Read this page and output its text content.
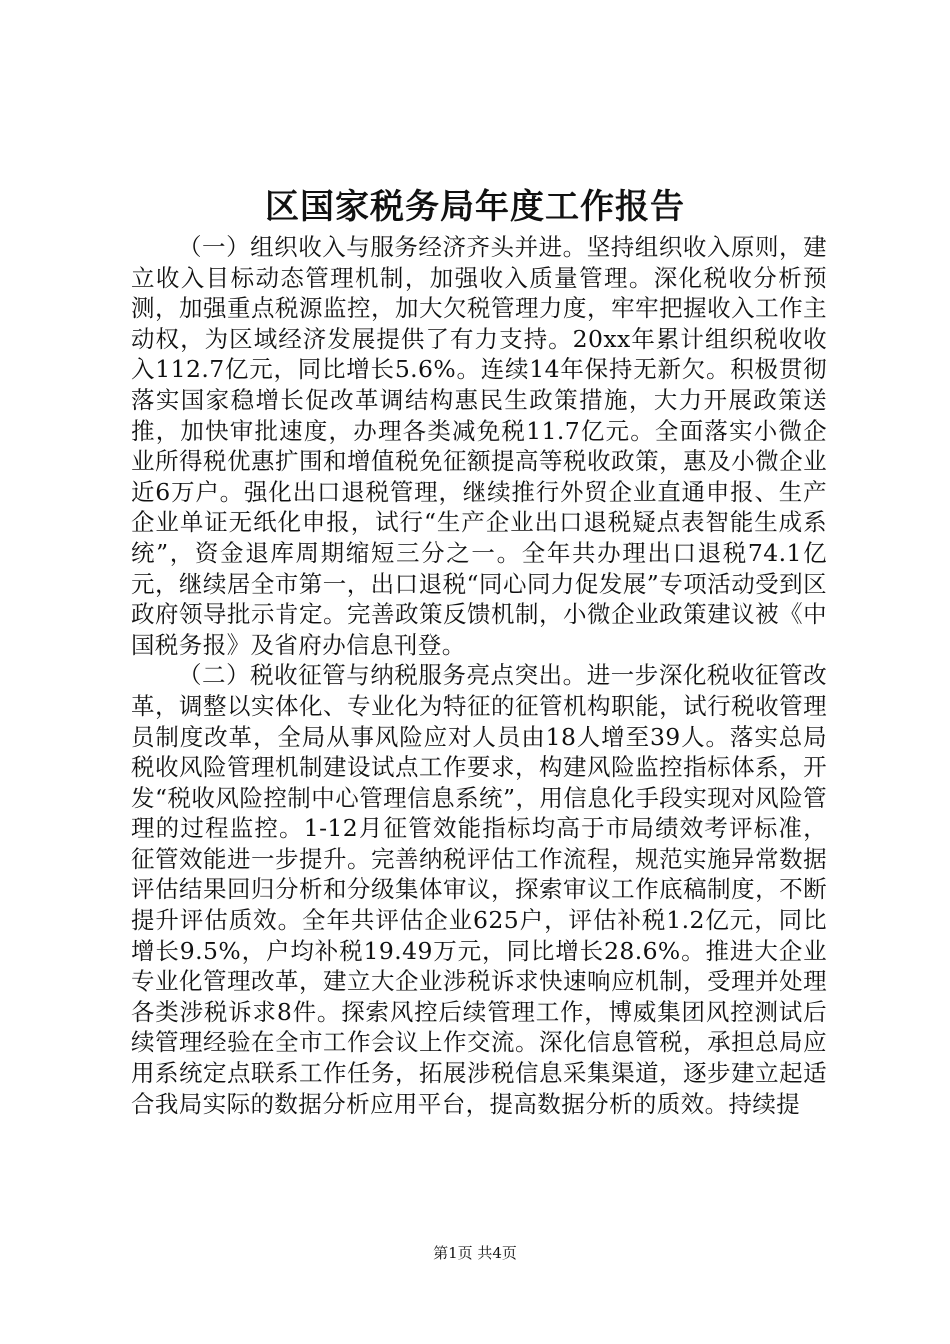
区国家税务局年度工作报告

（一）组织收入与服务经济齐头并进。坚持组织收入原则，建立收入目标动态管理机制，加强收入质量管理。深化税收分析预测，加强重点税源监控，加大欠税管理力度，牢牢把握收入工作主动权，为区域经济发展提供了有力支持。20xx年累计组织税收收入112.7亿元，同比增长5.6%。连续14年保持无新欠。积极贯彻落实国家稳增长促改革调结构惠民生政策措施，大力开展政策送推，加快审批速度，办理各类减免税11.7亿元。全面落实小微企业所得税优惠扩围和增值税免征额提高等税收政策，惠及小微企业近6万户。强化出口退税管理，继续推行外贸企业直通申报、生产企业单证无纸化申报，试行“生产企业出口退税疑点表智能生成系统”，资金退库周期缩短三分之一。全年共办理出口退税74.1亿元，继续居全市第一，出口退税“同心同力促发展”专项活动受到区政府领导批示肯定。完善政策反馈机制，小微企业政策建议被《中国税务报》及省府办信息刊登。

（二）税收征管与纳税服务亮点突出。进一步深化税收征管改革，调整以实体化、专业化为特征的征管机构职能，试行税收管理员制度改革，全局从事风险应对人员由18人增至39人。落实总局税收风险管理机制建设试点工作要求，构建风险监控指标体系，开发“税收风险控制中心管理信息系统”，用信息化手段实现对风险管理的过程监控。1-12月征管效能指标均高于市局绩效考评标准，征管效能进一步提升。完善纳税评估工作流程，规范实施异常数据评估结果回归分析和分级集体审议，探索审议工作底稿制度，不断提升评估质效。全年共评估企业625户，评估补税1.2亿元，同比增长9.5%，户均补税19.49万元，同比增长28.6%。推进大企业专业化管理改革，建立大企业涉税诉求快速响应机制，受理并处理各类涉税诉求8件。探索风控后续管理工作，博威集团风控测试后续管理经验在全市工作会议上作交流。深化信息管税，承担总局应用系统定点联系工作任务，拓展涉税信息采集渠道，逐步建立起适合我局实际的数据分析应用平台，提高数据分析的质效。持续提

第1页 共4页
